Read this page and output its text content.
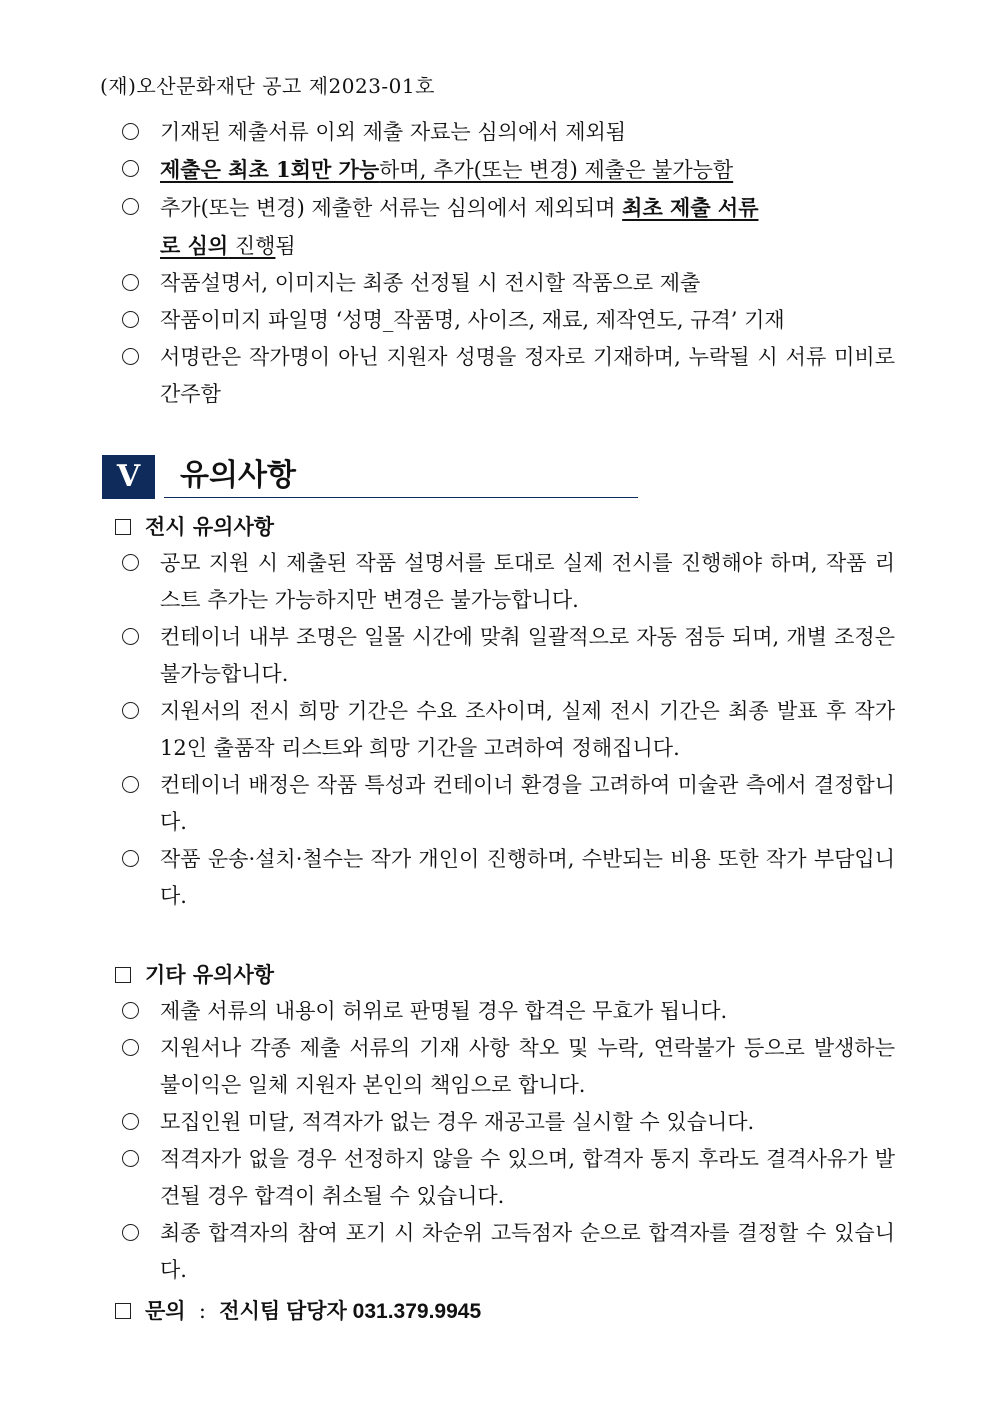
(재)오산문화재단 공고 제2023-01호
기재된 제출서류 이외 제출 자료는 심의에서 제외됨
제출은 최초 1회만 가능하며, 추가(또는 변경) 제출은 불가능함
추가(또는 변경) 제출한 서류는 심의에서 제외되며 최초 제출 서류
로 심의 진행됨
작품설명서, 이미지는 최종 선정될 시 전시할 작품으로 제출
작품이미지 파일명 ‘성명_작품명, 사이즈, 재료, 제작연도, 규격’ 기재
서명란은 작가명이 아닌 지원자 성명을 정자로 기재하며, 누락될 시 서류 미비로 간주함
V	유의사항
전시 유의사항
공모 지원 시 제출된 작품 설명서를 토대로 실제 전시를 진행해야 하며, 작품 리스트 추가는 가능하지만 변경은 불가능합니다.
컨테이너 내부 조명은 일몰 시간에 맞춰 일괄적으로 자동 점등 되며, 개별 조정은 불가능합니다.
지원서의 전시 희망 기간은 수요 조사이며, 실제 전시 기간은 최종 발표 후 작가 12인 출품작 리스트와 희망 기간을 고려하여 정해집니다.
컨테이너 배정은 작품 특성과 컨테이너 환경을 고려하여 미술관 측에서 결정합니다.
작품 운송·설치·철수는 작가 개인이 진행하며, 수반되는 비용 또한 작가 부담입니다.
기타 유의사항
제출 서류의 내용이 허위로 판명될 경우 합격은 무효가 됩니다.
지원서나 각종 제출 서류의 기재 사항 착오 및 누락, 연락불가 등으로 발생하는 불이익은 일체 지원자 본인의 책임으로 합니다.
모집인원 미달, 적격자가 없는 경우 재공고를 실시할 수 있습니다.
적격자가 없을 경우 선정하지 않을 수 있으며, 합격자 통지 후라도 결격사유가 발견될 경우 합격이 취소될 수 있습니다.
최종 합격자의 참여 포기 시 차순위 고득점자 순으로 합격자를 결정할 수 있습니다.
문의 : 전시팀 담당자 031.379.9945
